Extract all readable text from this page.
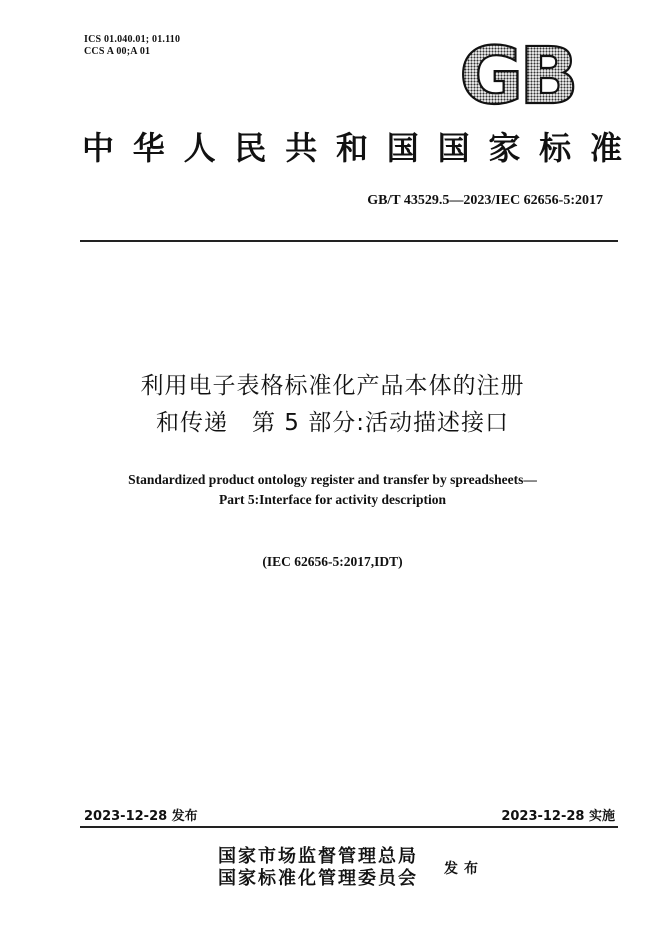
ICS 01.040.01; 01.110
CCS A 00;A 01	GB
中 华 人 民 共 和 国 国 家 标 准
GB/T 43529.5—2023/IEC 62656-5:2017
利用电子表格标准化产品本体的注册
和传递　第 5 部分:活动描述接口
Standardized product ontology register and transfer by spreadsheets—
Part 5:Interface for activity description
(IEC 62656-5:2017,IDT)
2023-12-28 发布	2023-12-28 实施
国家市场监督管理总局
国家标准化管理委员会 发布
